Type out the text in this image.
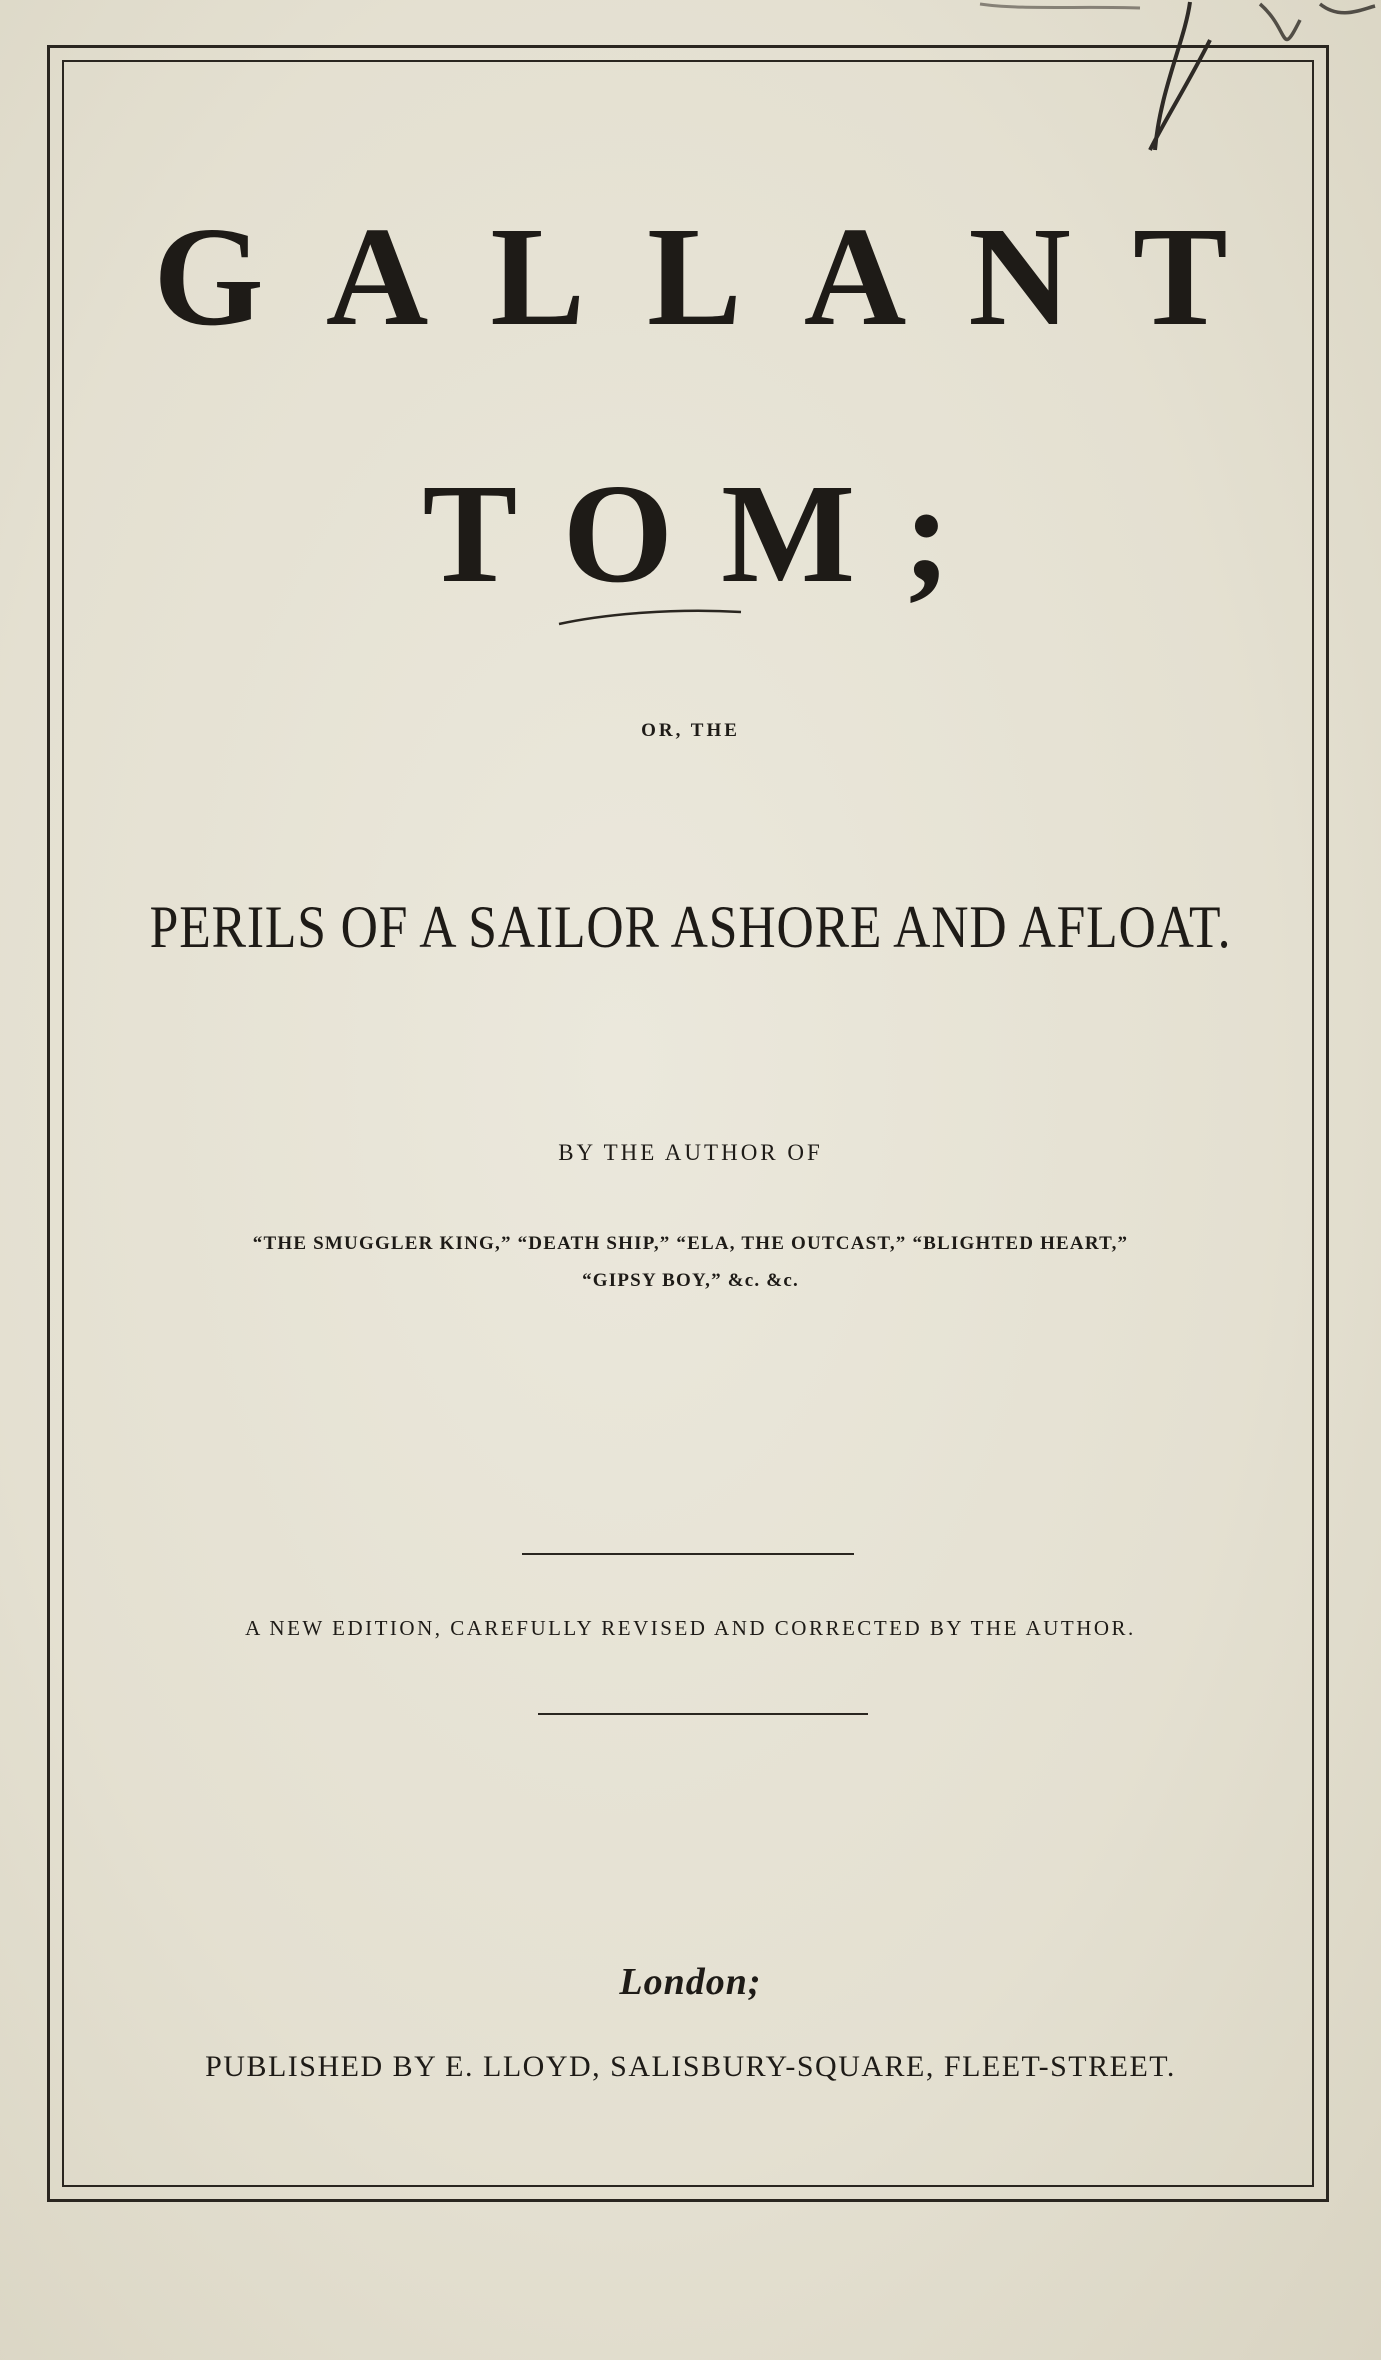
GALLANT
TOM;
OR, THE
PERILS OF A SAILOR ASHORE AND AFLOAT.
BY THE AUTHOR OF
“THE SMUGGLER KING,” “DEATH SHIP,” “ELA, THE OUTCAST,” “BLIGHTED HEART,”
“GIPSY BOY,” &c. &c.
A NEW EDITION, CAREFULLY REVISED AND CORRECTED BY THE AUTHOR.
London;
PUBLISHED BY E. LLOYD, SALISBURY-SQUARE, FLEET-STREET.
